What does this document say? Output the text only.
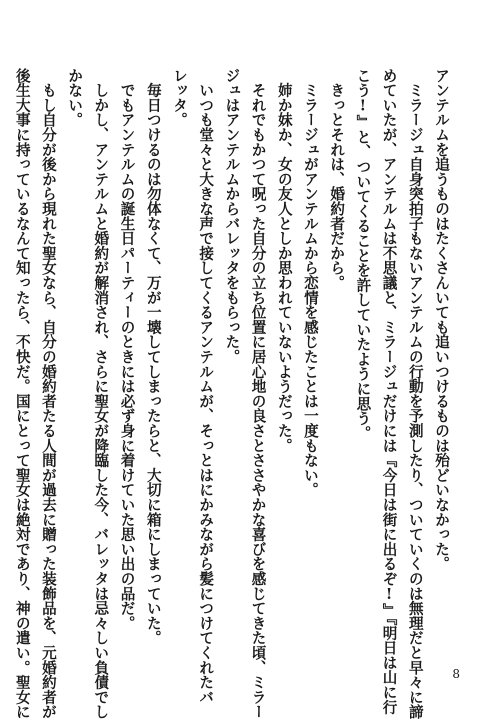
アンテルムを追うものはたくさんいても追いつけるものは殆どいなかった。
　ミラージュ自身突拍子もないアンテルムの行動を予測したり、ついていくのは無理だと早々に諦
めていたが、アンテルムは不思議と、ミラージュだけには『今日は街に出るぞ!』『明日は山に行
こう!』と、ついてくることを許していたように思う。
　きっとそれは、婚約者だから。
　ミラージュがアンテルムから恋情を感じたことは一度もない。
　姉か妹か、女の友人としか思われていないようだった。
　それでもかつて呪った自分の立ち位置に居心地の良さとささやかな喜びを感じてきた頃、ミラー
ジュはアンテルムからバレッタをもらった。
　いつも堂々と大きな声で接してくるアンテルムが、そっとはにかみながら髪につけてくれたバ
レッタ。
　毎日つけるのは勿体なくて、万が一壊してしまったらと、大切に箱にしまっていた。
　でもアンテルムの誕生日パーティーのときには必ず身に着けていた思い出の品だ。
　しかし、アンテルムと婚約が解消され、さらに聖女が降臨した今、バレッタは忌々しい負債でし
かない。
　もし自分が後から現れた聖女なら、自分の婚約者たる人間が過去に贈った装飾品を、元婚約者が
後生大事に持っているなんて知ったら、不快だ。国にとって聖女は絶対であり、神の遣い。聖女に	8
